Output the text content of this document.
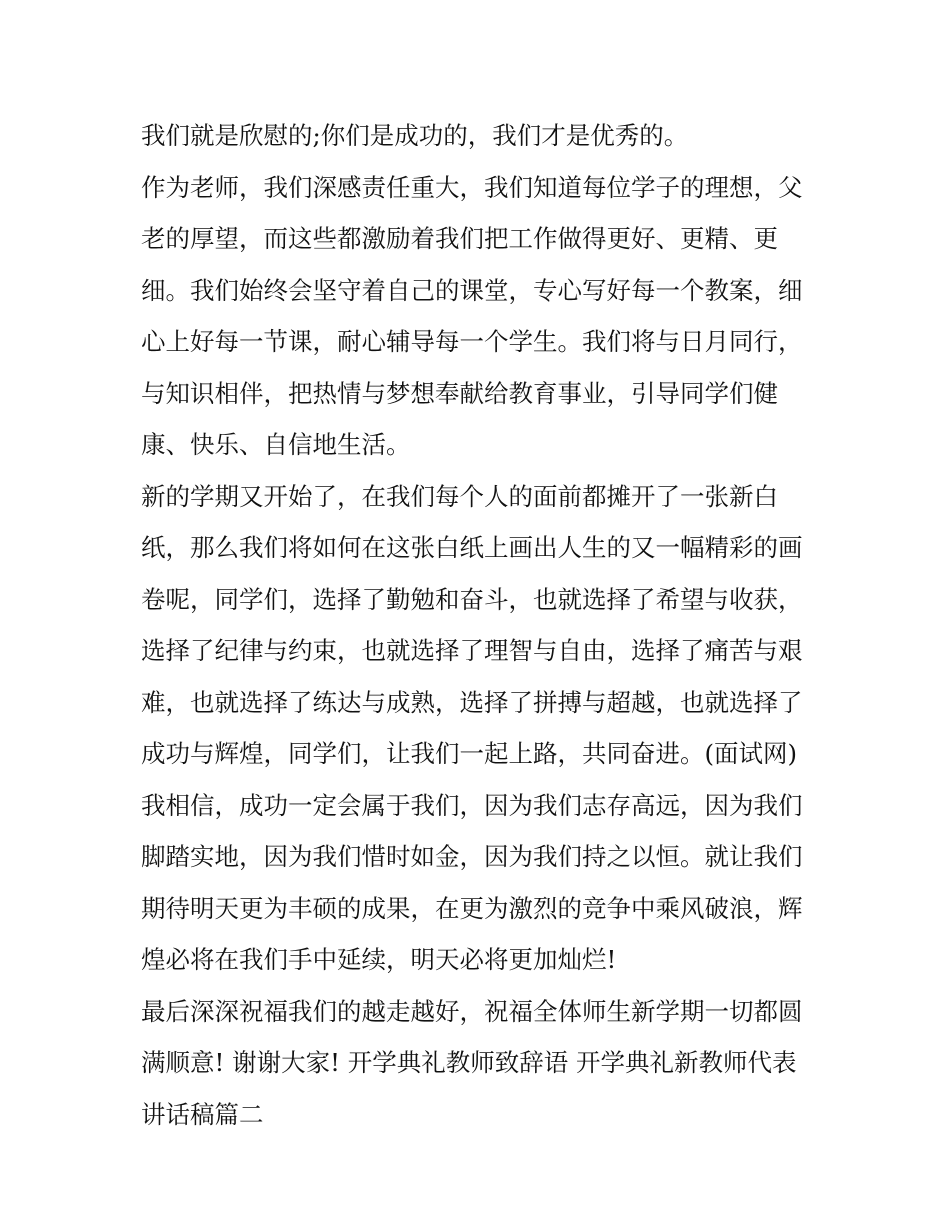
我们就是欣慰的;你们是成功的，我们才是优秀的。
作为老师，我们深感责任重大，我们知道每位学子的理想，父
老的厚望，而这些都激励着我们把工作做得更好、更精、更
细。我们始终会坚守着自己的课堂，专心写好每一个教案，细
心上好每一节课，耐心辅导每一个学生。我们将与日月同行，
与知识相伴，把热情与梦想奉献给教育事业，引导同学们健
康、快乐、自信地生活。
新的学期又开始了，在我们每个人的面前都摊开了一张新白
纸，那么我们将如何在这张白纸上画出人生的又一幅精彩的画
卷呢，同学们，选择了勤勉和奋斗，也就选择了希望与收获，
选择了纪律与约束，也就选择了理智与自由，选择了痛苦与艰
难，也就选择了练达与成熟，选择了拼搏与超越，也就选择了
成功与辉煌，同学们，让我们一起上路，共同奋进。(面试网)
我相信，成功一定会属于我们，因为我们志存高远，因为我们
脚踏实地，因为我们惜时如金，因为我们持之以恒。就让我们
期待明天更为丰硕的成果，在更为激烈的竞争中乘风破浪，辉
煌必将在我们手中延续，明天必将更加灿烂!
最后深深祝福我们的越走越好，祝福全体师生新学期一切都圆
满顺意! 谢谢大家! 开学典礼教师致辞语 开学典礼新教师代表
讲话稿篇二
